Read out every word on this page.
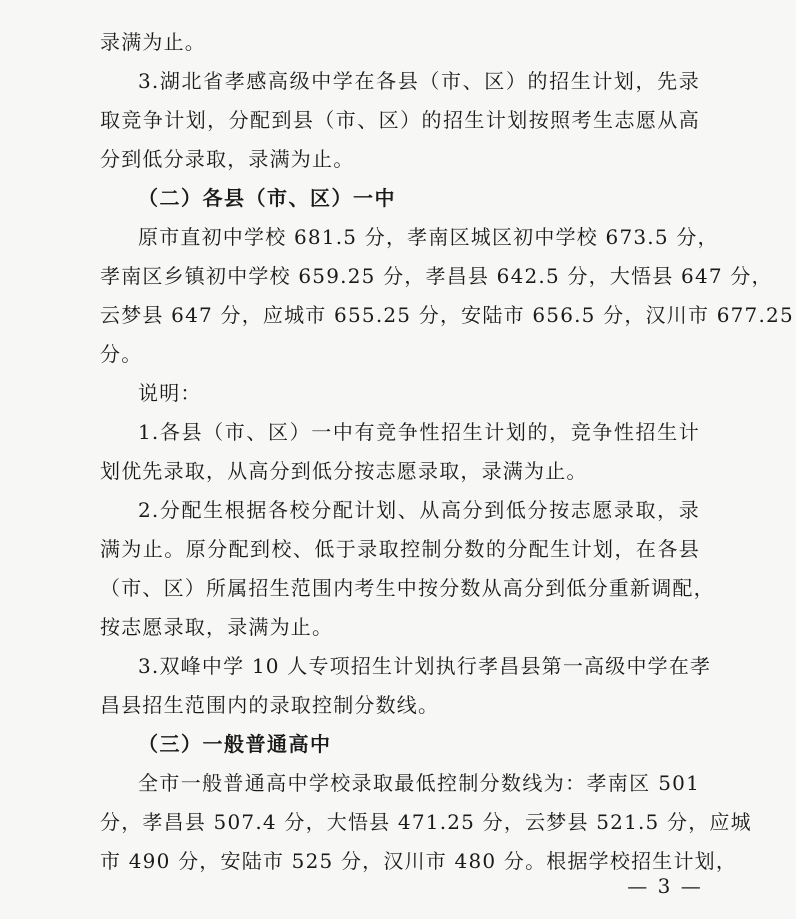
录满为止。
3.湖北省孝感高级中学在各县（市、区）的招生计划，先录
取竞争计划，分配到县（市、区）的招生计划按照考生志愿从高
分到低分录取，录满为止。
（二）各县（市、区）一中
原市直初中学校 681.5 分，孝南区城区初中学校 673.5 分，
孝南区乡镇初中学校 659.25 分，孝昌县 642.5 分，大悟县 647 分，
云梦县 647 分，应城市 655.25 分，安陆市 656.5 分，汉川市 677.25
分。
说明：
1.各县（市、区）一中有竞争性招生计划的，竞争性招生计
划优先录取，从高分到低分按志愿录取，录满为止。
2.分配生根据各校分配计划、从高分到低分按志愿录取，录
满为止。原分配到校、低于录取控制分数的分配生计划，在各县
（市、区）所属招生范围内考生中按分数从高分到低分重新调配，
按志愿录取，录满为止。
3.双峰中学 10 人专项招生计划执行孝昌县第一高级中学在孝
昌县招生范围内的录取控制分数线。
（三）一般普通高中
全市一般普通高中学校录取最低控制分数线为：孝南区 501
分，孝昌县 507.4 分，大悟县 471.25 分，云梦县 521.5 分，应城
市 490 分，安陆市 525 分，汉川市 480 分。根据学校招生计划，
— 3 —
